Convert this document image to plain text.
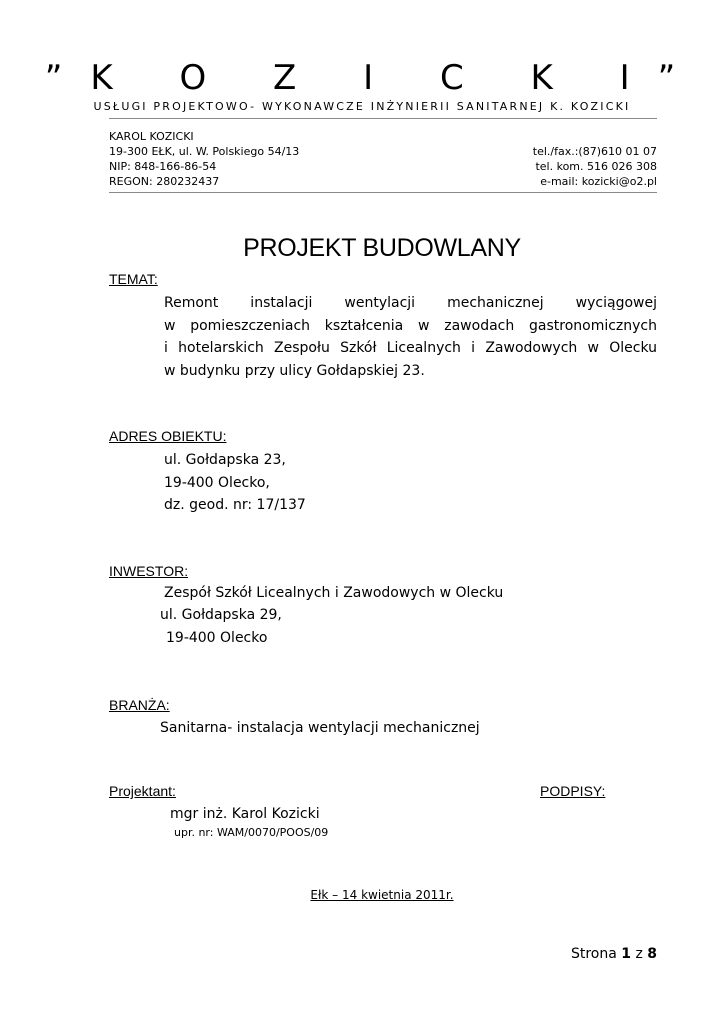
”K O Z I C K I”
USŁUGI PROJEKTOWO- WYKONAWCZE INŻYNIERII SANITARNEJ K. KOZICKI
KAROL KOZICKI
19-300 EŁK, ul. W. Polskiego 54/13
NIP: 848-166-86-54
REGON: 280232437
tel./fax.:(87)610 01 07
tel. kom. 516 026 308
e-mail: kozicki@o2.pl
PROJEKT BUDOWLANY
TEMAT:
Remont instalacji wentylacji mechanicznej wyciągowej
w pomieszczeniach kształcenia w zawodach gastronomicznych
i hotelarskich Zespołu Szkół Licealnych i Zawodowych w Olecku
w budynku przy ulicy Gołdapskiej 23.
ADRES OBIEKTU:
ul. Gołdapska 23,
19-400 Olecko,
dz. geod. nr: 17/137
INWESTOR:
Zespół Szkół Licealnych i Zawodowych w Olecku
ul. Gołdapska 29,
19-400 Olecko
BRANŻA:
Sanitarna- instalacja wentylacji mechanicznej
Projektant:	PODPISY:
mgr inż. Karol Kozicki
upr. nr: WAM/0070/POOS/09
Ełk – 14 kwietnia 2011r.
Strona 1 z 8
